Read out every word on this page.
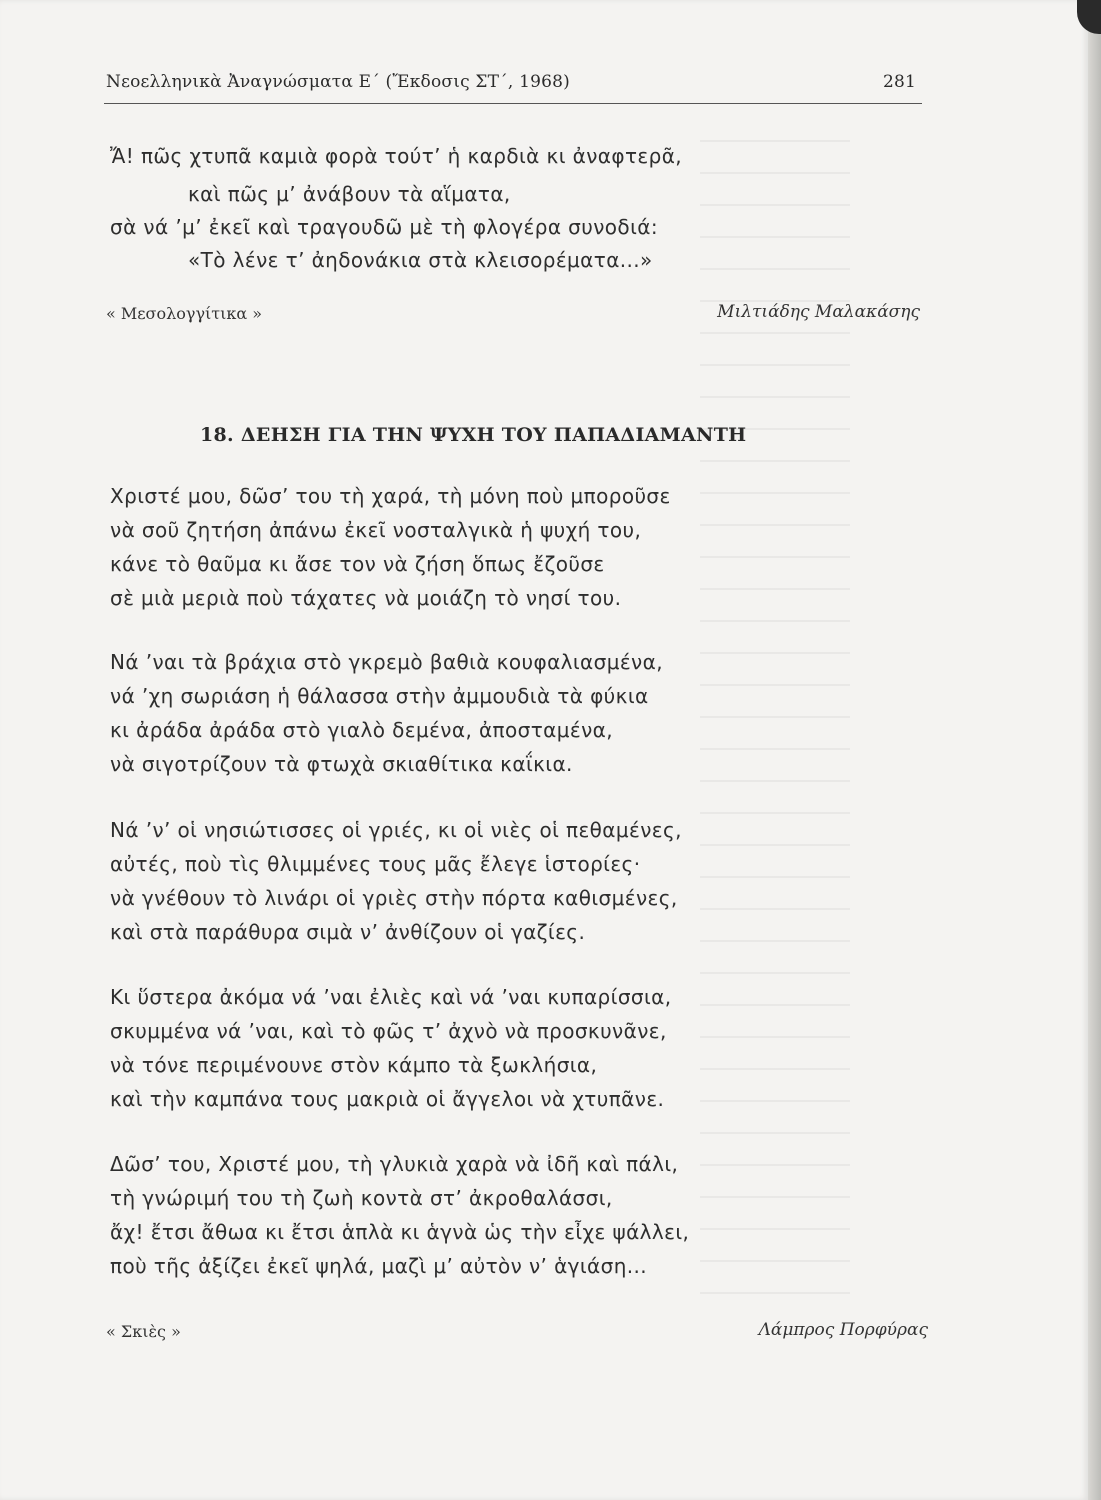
Νεοελληνικὰ Ἀναγνώσματα Ε΄ (Ἔκδοσις ΣΤ΄, 1968)	281
Ἄ! πῶς χτυπᾶ καμιὰ φορὰ τούτ’ ἡ καρδιὰ κι ἀναφτερᾶ,
καὶ πῶς μ’ ἀνάβουν τὰ αἵματα,
σὰ νά ’μ’ ἐκεῖ καὶ τραγουδῶ μὲ τὴ φλογέρα συνοδιά:
«Τὸ λένε τ’ ἀηδονάκια στὰ κλεισορέματα...»
« Μεσολογγίτικα »	Μιλτιάδης Μαλακάσης
18. ΔΕΗΣΗ ΓΙΑ ΤΗΝ ΨΥΧΗ ΤΟΥ ΠΑΠΑΔΙΑΜΑΝΤΗ
Χριστέ μου, δῶσ’ του τὴ χαρά, τὴ μόνη ποὺ μποροῦσε
νὰ σοῦ ζητήση ἀπάνω ἐκεῖ νοσταλγικὰ ἡ ψυχή του,
κάνε τὸ θαῦμα κι ἄσε τον νὰ ζήση ὅπως ἔζοῦσε
σὲ μιὰ μεριὰ ποὺ τάχατες νὰ μοιάζη τὸ νησί του.
Νά ’ναι τὰ βράχια στὸ γκρεμὸ βαθιὰ κουφαλιασμένα,
νά ’χη σωριάση ἡ θάλασσα στὴν ἀμμουδιὰ τὰ φύκια
κι ἀράδα ἀράδα στὸ γιαλὸ δεμένα, ἀποσταμένα,
νὰ σιγοτρίζουν τὰ φτωχὰ σκιαθίτικα καΐκια.
Νά ’ν’ οἱ νησιώτισσες οἱ γριές, κι οἱ νιὲς οἱ πεθαμένες,
αὐτές, ποὺ τὶς θλιμμένες τους μᾶς ἔλεγε ἱστορίες·
νὰ γνέθουν τὸ λινάρι οἱ γριὲς στὴν πόρτα καθισμένες,
καὶ στὰ παράθυρα σιμὰ ν’ ἀνθίζουν οἱ γαζίες.
Κι ὕστερα ἀκόμα νά ’ναι ἐλιὲς καὶ νά ’ναι κυπαρίσσια,
σκυμμένα νά ’ναι, καὶ τὸ φῶς τ’ ἀχνὸ νὰ προσκυνᾶνε,
νὰ τόνε περιμένουνε στὸν κάμπο τὰ ξωκλήσια,
καὶ τὴν καμπάνα τους μακριὰ οἱ ἄγγελοι νὰ χτυπᾶνε.
Δῶσ’ του, Χριστέ μου, τὴ γλυκιὰ χαρὰ νὰ ἰδῆ καὶ πάλι,
τὴ γνώριμή του τὴ ζωὴ κοντὰ στ’ ἀκροθαλάσσι,
ἄχ! ἔτσι ἄθωα κι ἔτσι ἁπλὰ κι ἁγνὰ ὡς τὴν εἶχε ψάλλει,
ποὺ τῆς ἀξίζει ἐκεῖ ψηλά, μαζὶ μ’ αὐτὸν ν’ ἁγιάση...
« Σκιὲς »	Λάμπρος Πορφύρας
